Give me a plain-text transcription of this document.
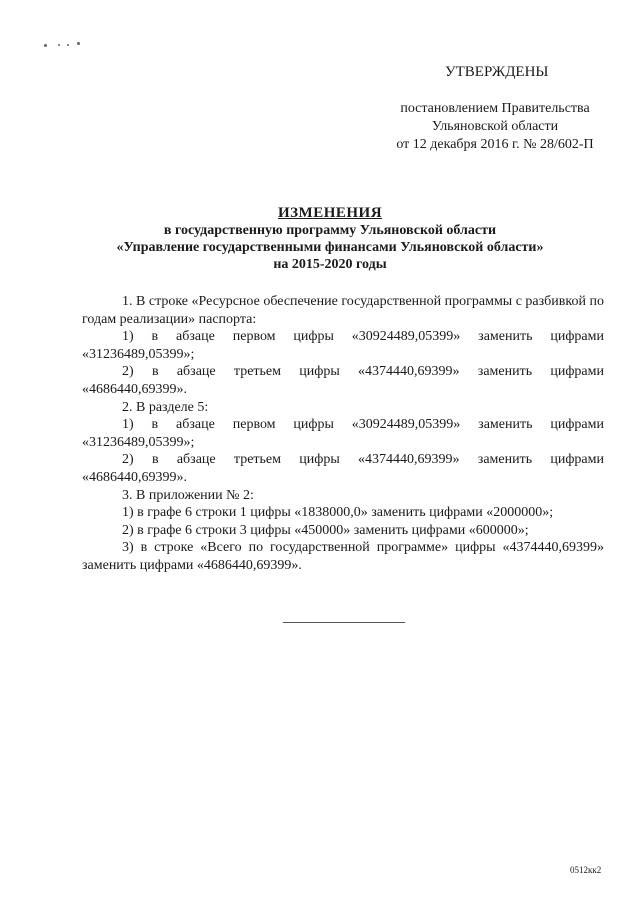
УТВЕРЖДЕНЫ
постановлением Правительства
Ульяновской области
от 12 декабря 2016 г. № 28/602-П
ИЗМЕНЕНИЯ
в государственную программу Ульяновской области
«Управление государственными финансами Ульяновской области»
на 2015-2020 годы
1. В строке «Ресурсное обеспечение государственной программы с разбивкой по годам реализации» паспорта:
1) в абзаце первом цифры «30924489,05399» заменить цифрами «31236489,05399»;
2) в абзаце третьем цифры «4374440,69399» заменить цифрами «4686440,69399».
2. В разделе 5:
1) в абзаце первом цифры «30924489,05399» заменить цифрами «31236489,05399»;
2) в абзаце третьем цифры «4374440,69399» заменить цифрами «4686440,69399».
3. В приложении № 2:
1) в графе 6 строки 1 цифры «1838000,0» заменить цифрами «2000000»;
2) в графе 6 строки 3 цифры «450000» заменить цифрами «600000»;
3) в строке «Всего по государственной программе» цифры «4374440,69399» заменить цифрами «4686440,69399».
0512кк2
